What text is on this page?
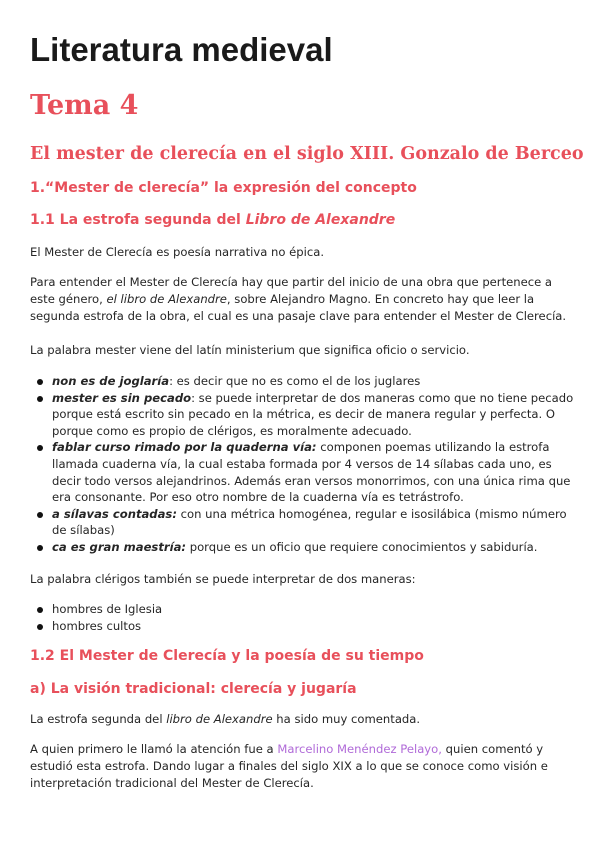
Literatura medieval
Tema 4
El mester de clerecía en el siglo XIII. Gonzalo de Berceo
1.“Mester de clerecía” la expresión del concepto
1.1 La estrofa segunda del Libro de Alexandre

El Mester de Clerecía es poesía narrativa no épica.

Para entender el Mester de Clerecía hay que partir del inicio de una obra que pertenece a este género, el libro de Alexandre, sobre Alejandro Magno. En concreto hay que leer la segunda estrofa de la obra, el cual es una pasaje clave para entender el Mester de Clerecía.

La palabra mester viene del latín ministerium que significa oficio o servicio.

non es de joglaría: es decir que no es como el de los juglares
mester es sin pecado: se puede interpretar de dos maneras como que no tiene pecado porque está escrito sin pecado en la métrica, es decir de manera regular y perfecta. O porque como es propio de clérigos, es moralmente adecuado.
fablar curso rimado por la quaderna vía: componen poemas utilizando la estrofa llamada cuaderna vía, la cual estaba formada por 4 versos de 14 sílabas cada uno, es decir todo versos alejandrinos. Además eran versos monorrimos, con una única rima que era consonante. Por eso otro nombre de la cuaderna vía es tetrástrofo.
a sílavas contadas: con una métrica homogénea, regular e isosilábica (mismo número de sílabas)
ca es gran maestría: porque es un oficio que requiere conocimientos y sabiduría.

La palabra clérigos también se puede interpretar de dos maneras:

hombres de Iglesia
hombres cultos
1.2 El Mester de Clerecía y la poesía de su tiempo
a) La visión tradicional: clerecía y jugaría

La estrofa segunda del libro de Alexandre ha sido muy comentada.

A quien primero le llamó la atención fue a Marcelino Menéndez Pelayo, quien comentó y estudió esta estrofa. Dando lugar a finales del siglo XIX a lo que se conoce como visión e interpretación tradicional del Mester de Clerecía.
